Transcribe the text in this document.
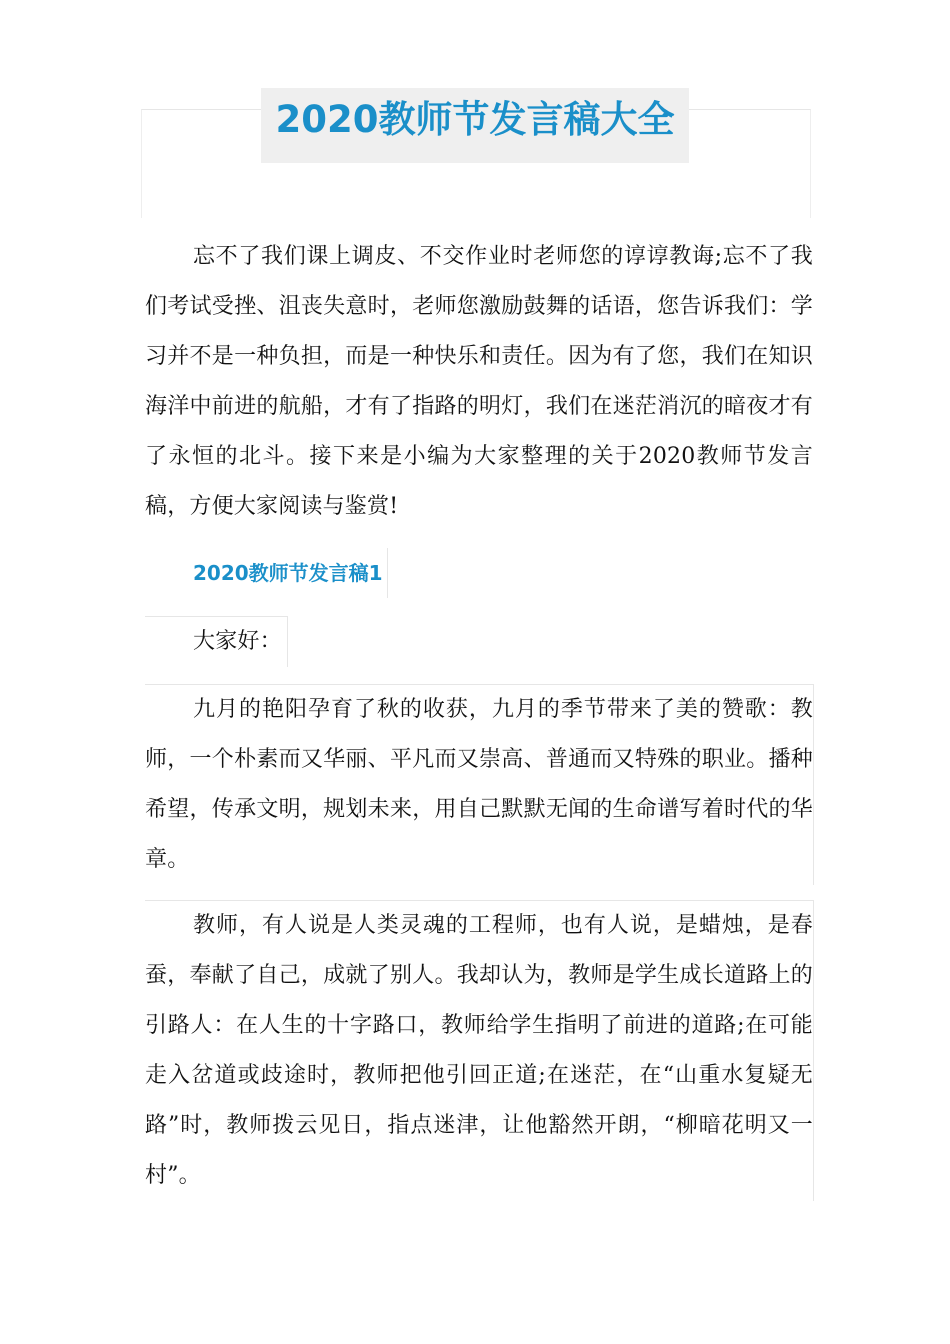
2020教师节发言稿大全

忘不了我们课上调皮、不交作业时老师您的谆谆教诲;忘不了我们考试受挫、沮丧失意时，老师您激励鼓舞的话语，您告诉我们：学习并不是一种负担，而是一种快乐和责任。因为有了您，我们在知识海洋中前进的航船，才有了指路的明灯，我们在迷茫消沉的暗夜才有了永恒的北斗。接下来是小编为大家整理的关于2020教师节发言稿，方便大家阅读与鉴赏!

2020教师节发言稿1

大家好：

九月的艳阳孕育了秋的收获，九月的季节带来了美的赞歌：教师，一个朴素而又华丽、平凡而又崇高、普通而又特殊的职业。播种希望，传承文明，规划未来，用自己默默无闻的生命谱写着时代的华章。

教师，有人说是人类灵魂的工程师，也有人说，是蜡烛，是春蚕，奉献了自己，成就了别人。我却认为，教师是学生成长道路上的引路人：在人生的十字路口，教师给学生指明了前进的道路;在可能走入岔道或歧途时，教师把他引回正道;在迷茫，在“山重水复疑无路”时，教师拨云见日，指点迷津，让他豁然开朗，“柳暗花明又一村”。
